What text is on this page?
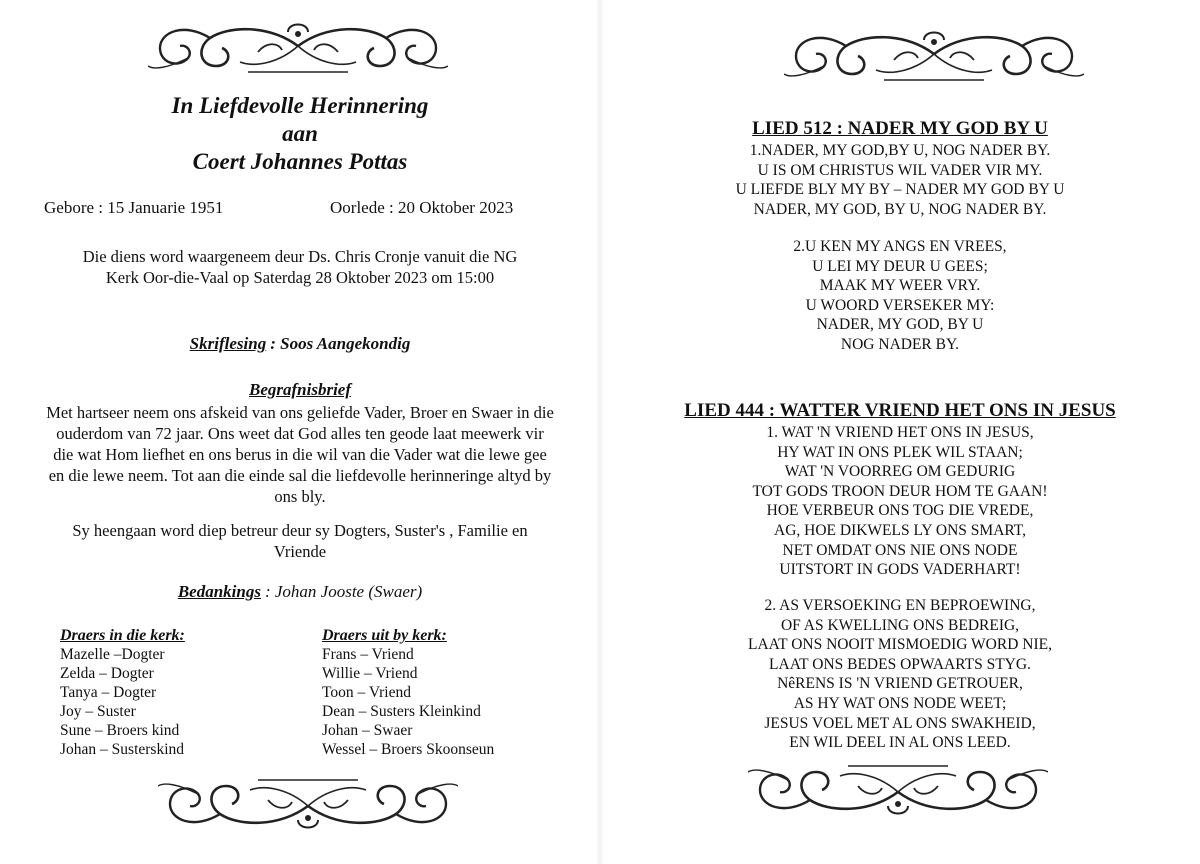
In Liefdevolle Herinnering
aan
Coert Johannes Pottas
Gebore : 15 Januarie 1951	Oorlede : 20 Oktober 2023
Die diens word waargeneem deur Ds. Chris Cronje vanuit die NG
Kerk Oor-die-Vaal op Saterdag 28 Oktober 2023 om 15:00
Skriflesing : Soos Aangekondig
Begrafnisbrief
Met hartseer neem ons afskeid van ons geliefde Vader, Broer en Swaer in die
ouderdom van 72 jaar. Ons weet dat God alles ten geode laat meewerk vir
die wat Hom liefhet en ons berus in die wil van die Vader wat die lewe gee
en die lewe neem. Tot aan die einde sal die liefdevolle herinneringe altyd by
ons bly.
Sy heengaan word diep betreur deur sy Dogters, Suster's , Familie en
Vriende
Bedankings : Johan Jooste (Swaer)
Draers in die kerk:
Mazelle –Dogter
Zelda – Dogter
Tanya – Dogter
Joy – Suster
Sune – Broers kind
Johan – Susterskind
Draers uit by kerk:
Frans – Vriend
Willie – Vriend
Toon – Vriend
Dean – Susters Kleinkind
Johan – Swaer
Wessel – Broers Skoonseun
LIED 512 : NADER MY GOD BY U
1.NADER, MY GOD,BY U, NOG NADER BY.
U IS OM CHRISTUS WIL VADER VIR MY.
U LIEFDE BLY MY BY – NADER MY GOD BY U
NADER, MY GOD, BY U, NOG NADER BY.
2.U KEN MY ANGS EN VREES,
U LEI MY DEUR U GEES;
MAAK MY WEER VRY.
U WOORD VERSEKER MY:
NADER, MY GOD, BY U
NOG NADER BY.
LIED 444 : WATTER VRIEND HET ONS IN JESUS
1. WAT 'N VRIEND HET ONS IN JESUS,
HY WAT IN ONS PLEK WIL STAAN;
WAT 'N VOORREG OM GEDURIG
TOT GODS TROON DEUR HOM TE GAAN!
HOE VERBEUR ONS TOG DIE VREDE,
AG, HOE DIKWELS LY ONS SMART,
NET OMDAT ONS NIE ONS NODE
UITSTORT IN GODS VADERHART!
2. AS VERSOEKING EN BEPROEWING,
OF AS KWELLING ONS BEDREIG,
LAAT ONS NOOIT MISMOEDIG WORD NIE,
LAAT ONS BEDES OPWAARTS STYG.
NêRENS IS 'N VRIEND GETROUER,
AS HY WAT ONS NODE WEET;
JESUS VOEL MET AL ONS SWAKHEID,
EN WIL DEEL IN AL ONS LEED.
